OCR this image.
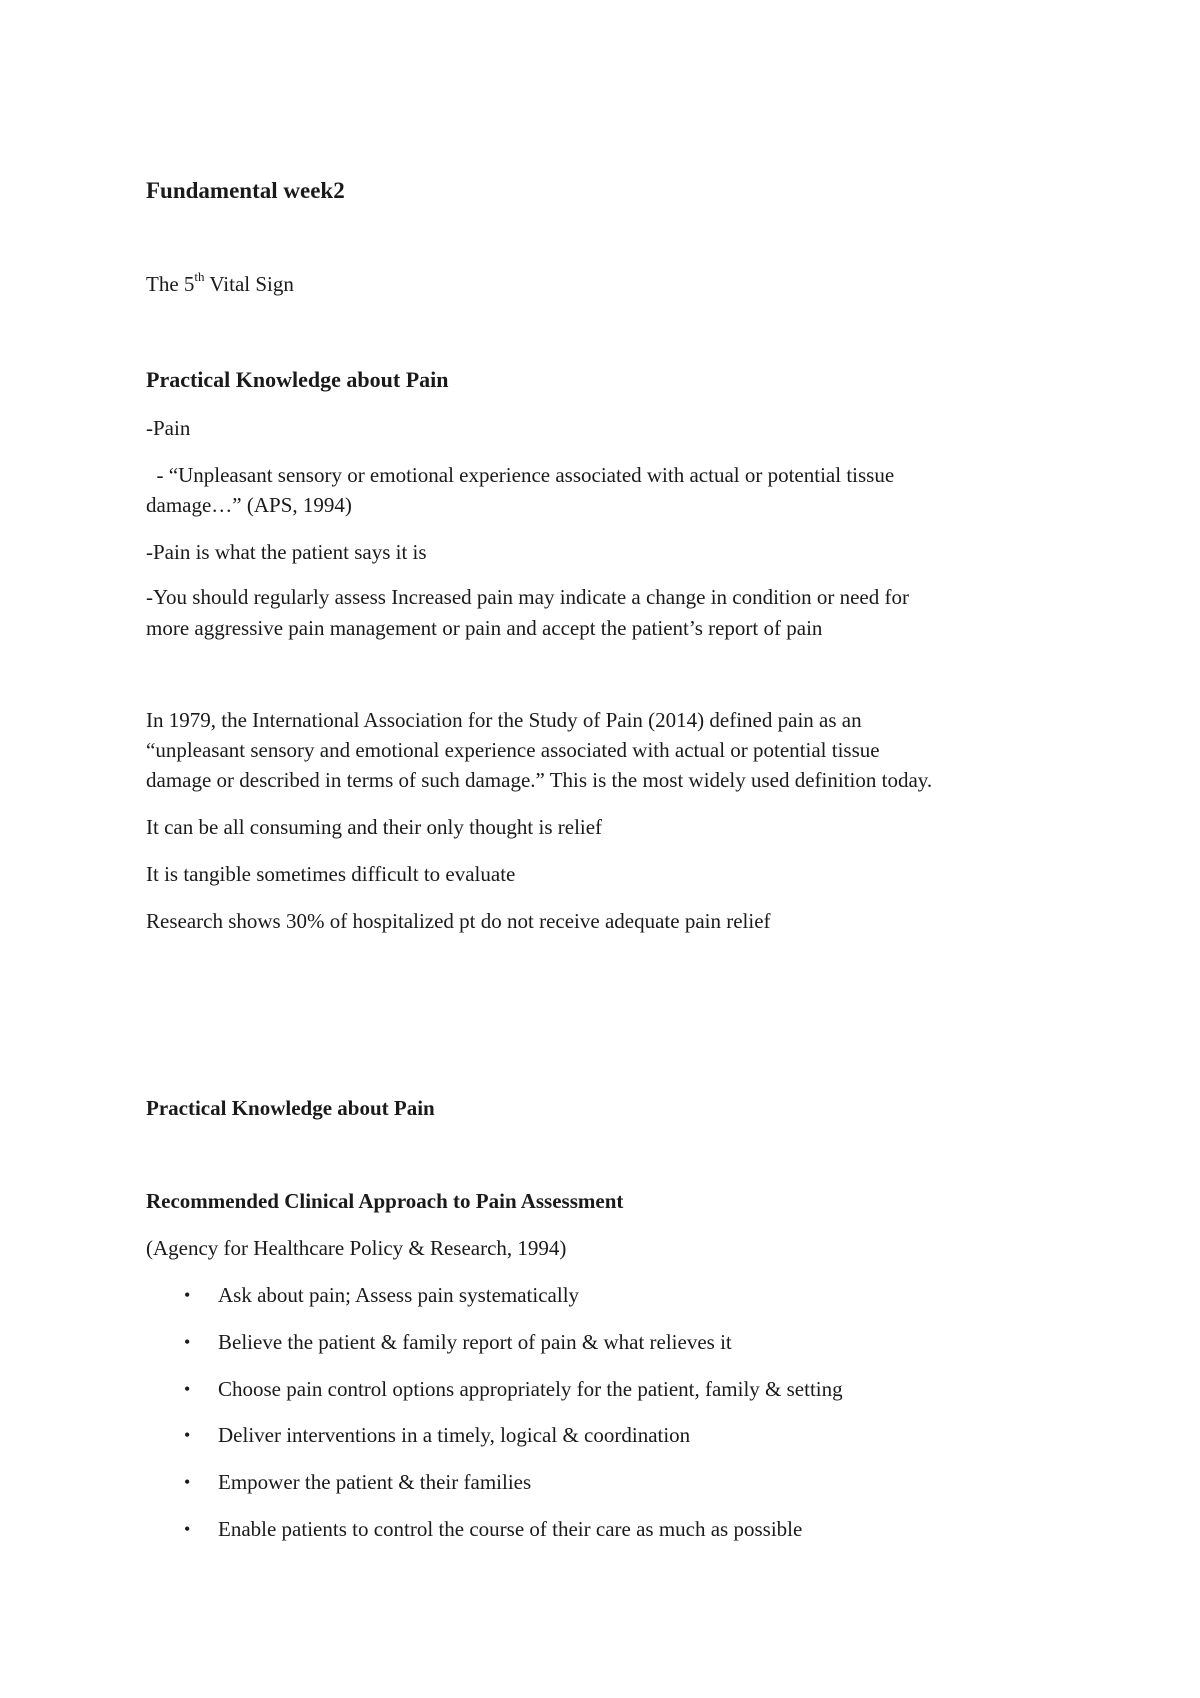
Fundamental week2
The 5th Vital Sign
Practical Knowledge about Pain
-Pain
- “Unpleasant sensory or emotional experience associated with actual or potential tissue
damage…” (APS, 1994)
-Pain is what the patient says it is
-You should regularly assess Increased pain may indicate a change in condition or need for
more aggressive pain management or pain and accept the patient’s report of pain
In 1979, the International Association for the Study of Pain (2014) defined pain as an
“unpleasant sensory and emotional experience associated with actual or potential tissue
damage or described in terms of such damage.” This is the most widely used definition today.
It can be all consuming and their only thought is relief
It is tangible sometimes difficult to evaluate
Research shows 30% of hospitalized pt do not receive adequate pain relief
Practical Knowledge about Pain
Recommended Clinical Approach to Pain Assessment
(Agency for Healthcare Policy & Research, 1994)
• Ask about pain; Assess pain systematically
• Believe the patient & family report of pain & what relieves it
• Choose pain control options appropriately for the patient, family & setting
• Deliver interventions in a timely, logical & coordination
• Empower the patient & their families
• Enable patients to control the course of their care as much as possible
